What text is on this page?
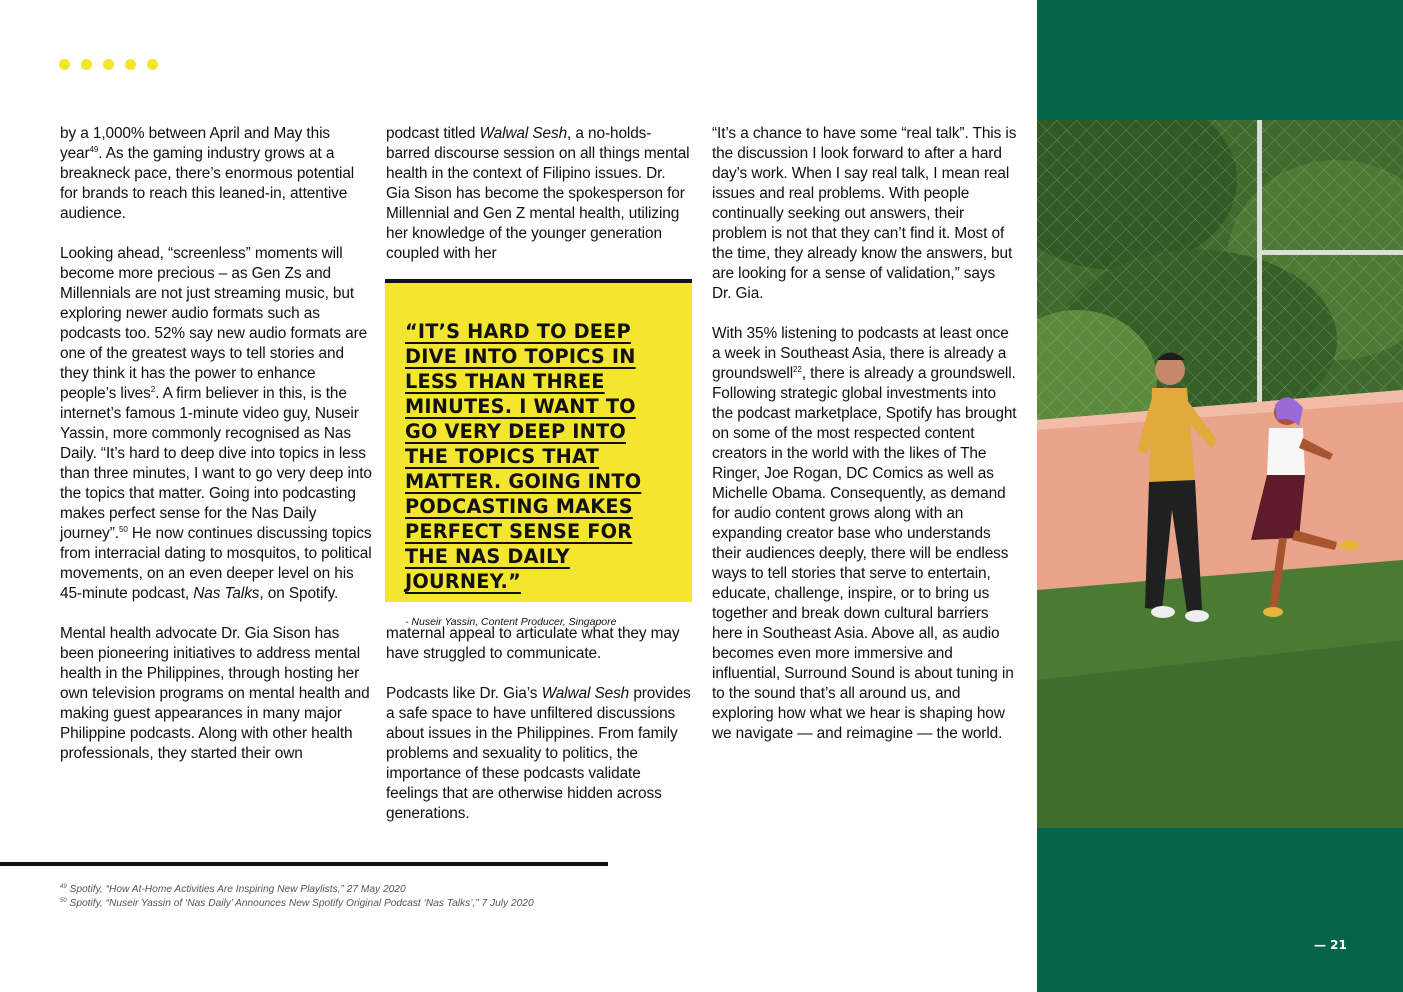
by a 1,000% between April and May this year$^{49}$. As the gaming industry grows at a breakneck pace, there’s enormous potential for brands to reach this leaned-in, attentive audience.

Looking ahead, “screenless” moments will become more precious – as Gen Zs and Millennials are not just streaming music, but exploring newer audio formats such as podcasts too. 52% say new audio formats are one of the greatest ways to tell stories and they think it has the power to enhance people’s lives$^2$. A firm believer in this, is the internet’s famous 1-minute video guy, Nuseir Yassin, more commonly recognised as Nas Daily. “It’s hard to deep dive into topics in less than three minutes, I want to go very deep into the topics that matter. Going into podcasting makes perfect sense for the Nas Daily journey”.$^{50}$ He now continues discussing topics from interracial dating to mosquitos, to political movements, on an even deeper level on his 45-minute podcast, Nas Talks, on Spotify.

Mental health advocate Dr. Gia Sison has been pioneering initiatives to address mental health in the Philippines, through hosting her own television programs on mental health and making guest appearances in many major Philippine podcasts. Along with other health professionals, they started their own

podcast titled Walwal Sesh, a no-holds-barred discourse session on all things mental health in the context of Filipino issues. Dr. Gia Sison has become the spokesperson for Millennial and Gen Z mental health, utilizing her knowledge of the younger generation coupled with her

maternal appeal to articulate what they may have struggled to communicate.

Podcasts like Dr. Gia’s Walwal Sesh provides a safe space to have unfiltered discussions about issues in the Philippines. From family problems and sexuality to politics, the importance of these podcasts validate feelings that are otherwise hidden across generations.

“IT’S HARD TO DEEP DIVE INTO TOPICS IN LESS THAN THREE MINUTES. I WANT TO GO VERY DEEP INTO THE TOPICS THAT MATTER. GOING INTO PODCASTING MAKES PERFECT SENSE FOR THE NAS DAILY JOURNEY.”

- Nuseir Yassin, Content Producer, Singapore

“It’s a chance to have some “real talk”. This is the discussion I look forward to after a hard day’s work. When I say real talk, I mean real issues and real problems. With people continually seeking out answers, their problem is not that they can’t find it. Most of the time, they already know the answers, but are looking for a sense of validation,” says Dr. Gia.

With 35% listening to podcasts at least once a week in Southeast Asia, there is already a groundswell$^{22}$, there is already a groundswell. Following strategic global investments into the podcast marketplace, Spotify has brought on some of the most respected content creators in the world with the likes of The Ringer, Joe Rogan, DC Comics as well as Michelle Obama. Consequently, as demand for audio content grows along with an expanding creator base who understands their audiences deeply, there will be endless ways to tell stories that serve to entertain, educate, challenge, inspire, or to bring us together and break down cultural barriers here in Southeast Asia. Above all, as audio becomes even more immersive and influential, Surround Sound is about tuning in to the sound that’s all around us, and exploring how what we hear is shaping how we navigate — and reimagine — the world.

$^{49}$ Spotify, “How At-Home Activities Are Inspiring New Playlists,” 27 May 2020
$^{50}$ Spotify, “Nuseir Yassin of ‘Nas Daily’ Announces New Spotify Original Podcast ‘Nas Talks’,” 7 July 2020
— 21
